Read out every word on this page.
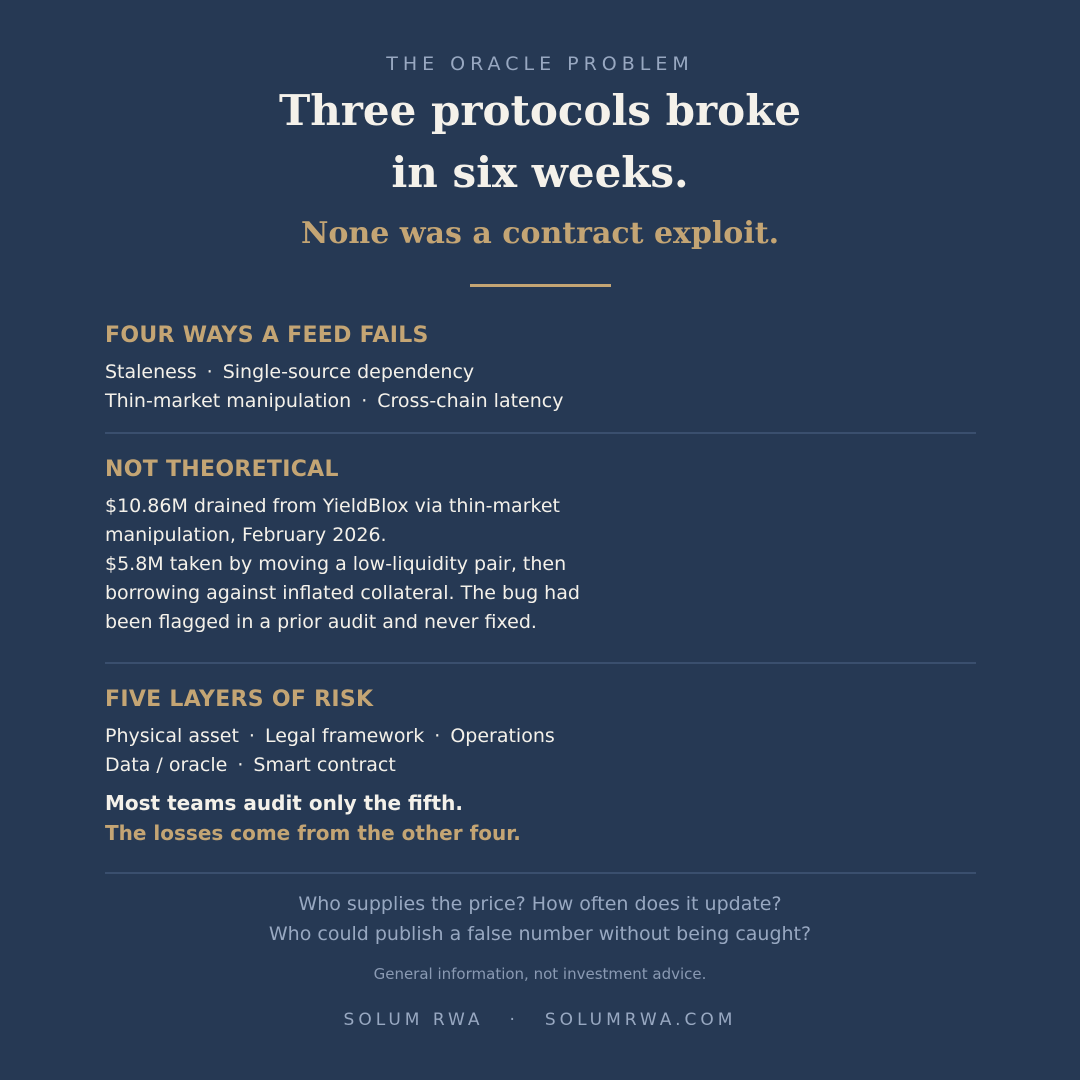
THE ORACLE PROBLEM
Three protocols broke
in six weeks.
None was a contract exploit.
FOUR WAYS A FEED FAILS

Staleness · Single-source dependency

Thin-market manipulation · Cross-chain latency

NOT THEORETICAL

$10.86M drained from YieldBlox via thin-market

manipulation, February 2026.

$5.8M taken by moving a low-liquidity pair, then

borrowing against inflated collateral. The bug had

been flagged in a prior audit and never fixed.

FIVE LAYERS OF RISK

Physical asset · Legal framework · Operations

Data / oracle · Smart contract

Most teams audit only the fifth.

The losses come from the other four.

Who supplies the price? How often does it update?
Who could publish a false number without being caught?
General information, not investment advice.
SOLUM RWA · SOLUMRWA.COM
